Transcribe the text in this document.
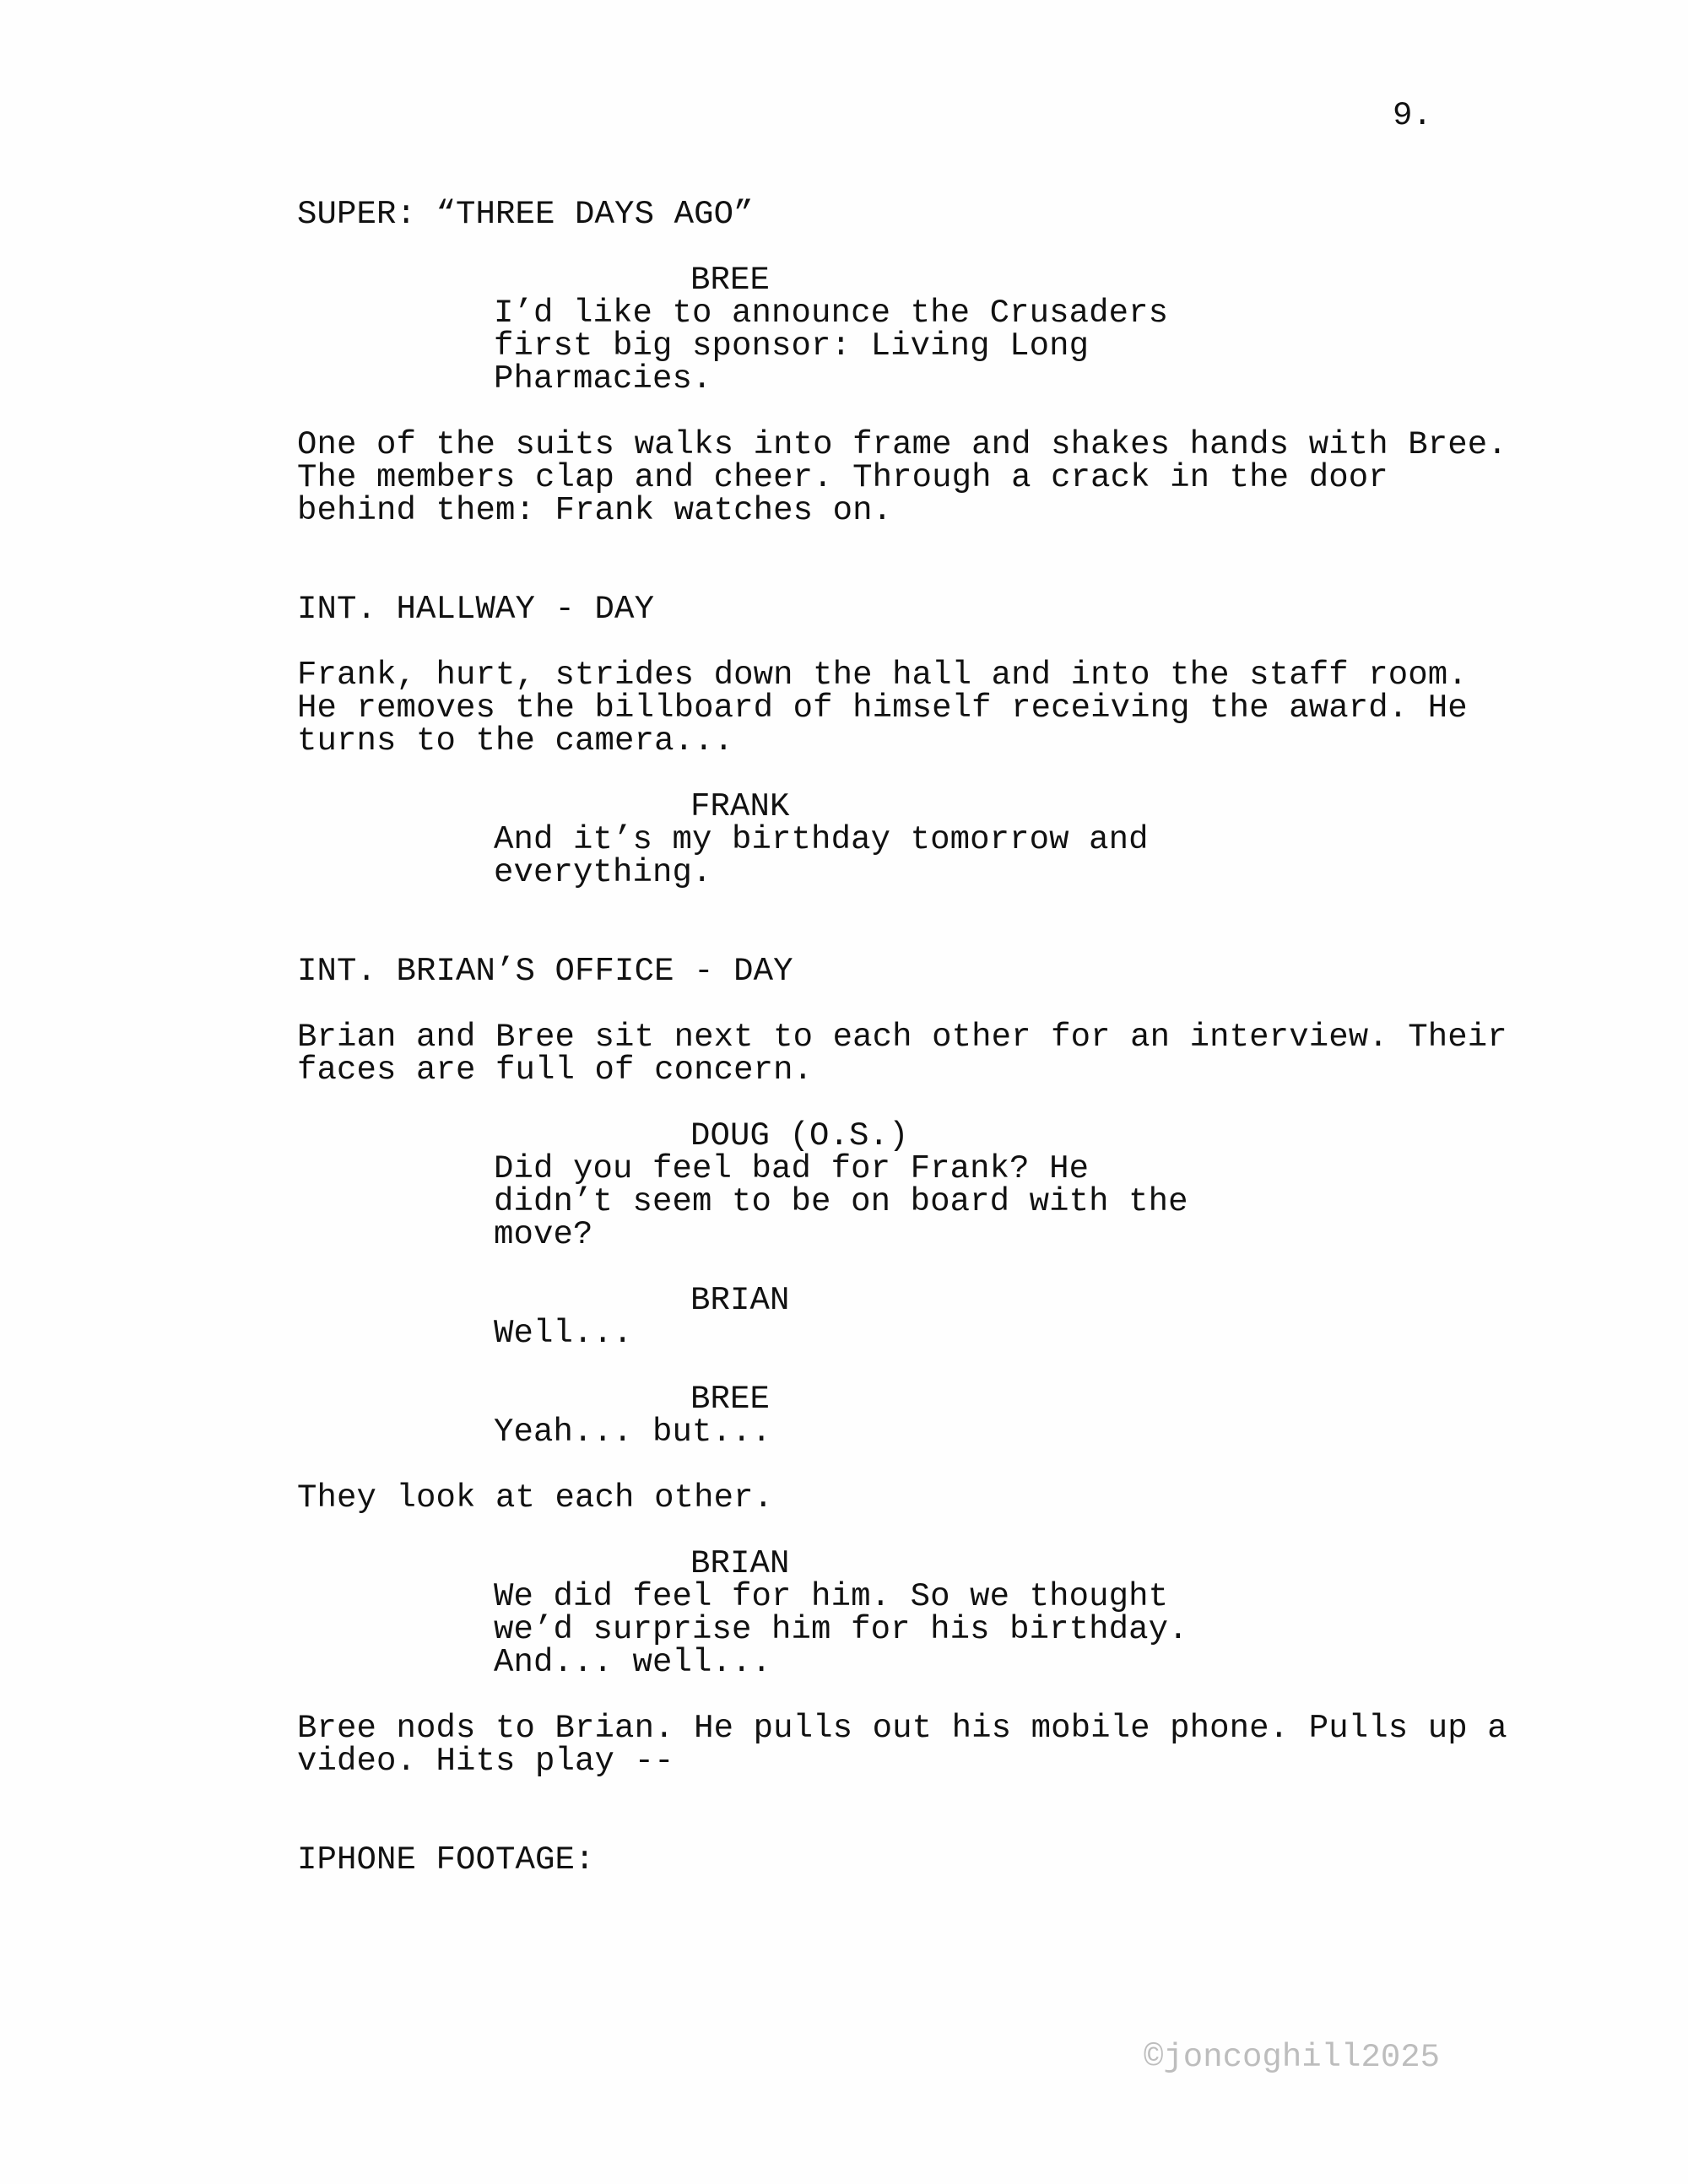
9.
SUPER: “THREE DAYS AGO”
BREE
I’d like to announce the Crusaders
first big sponsor: Living Long
Pharmacies.
One of the suits walks into frame and shakes hands with Bree.
The members clap and cheer. Through a crack in the door
behind them: Frank watches on.
INT. HALLWAY - DAY
Frank, hurt, strides down the hall and into the staff room.
He removes the billboard of himself receiving the award. He
turns to the camera...
FRANK
And it’s my birthday tomorrow and
everything.
INT. BRIAN’S OFFICE - DAY
Brian and Bree sit next to each other for an interview. Their
faces are full of concern.
DOUG (O.S.)
Did you feel bad for Frank? He
didn’t seem to be on board with the
move?
BRIAN
Well...
BREE
Yeah... but...
They look at each other.
BRIAN
We did feel for him. So we thought
we’d surprise him for his birthday.
And... well...
Bree nods to Brian. He pulls out his mobile phone. Pulls up a
video. Hits play --
IPHONE FOOTAGE:
©joncoghill2025
